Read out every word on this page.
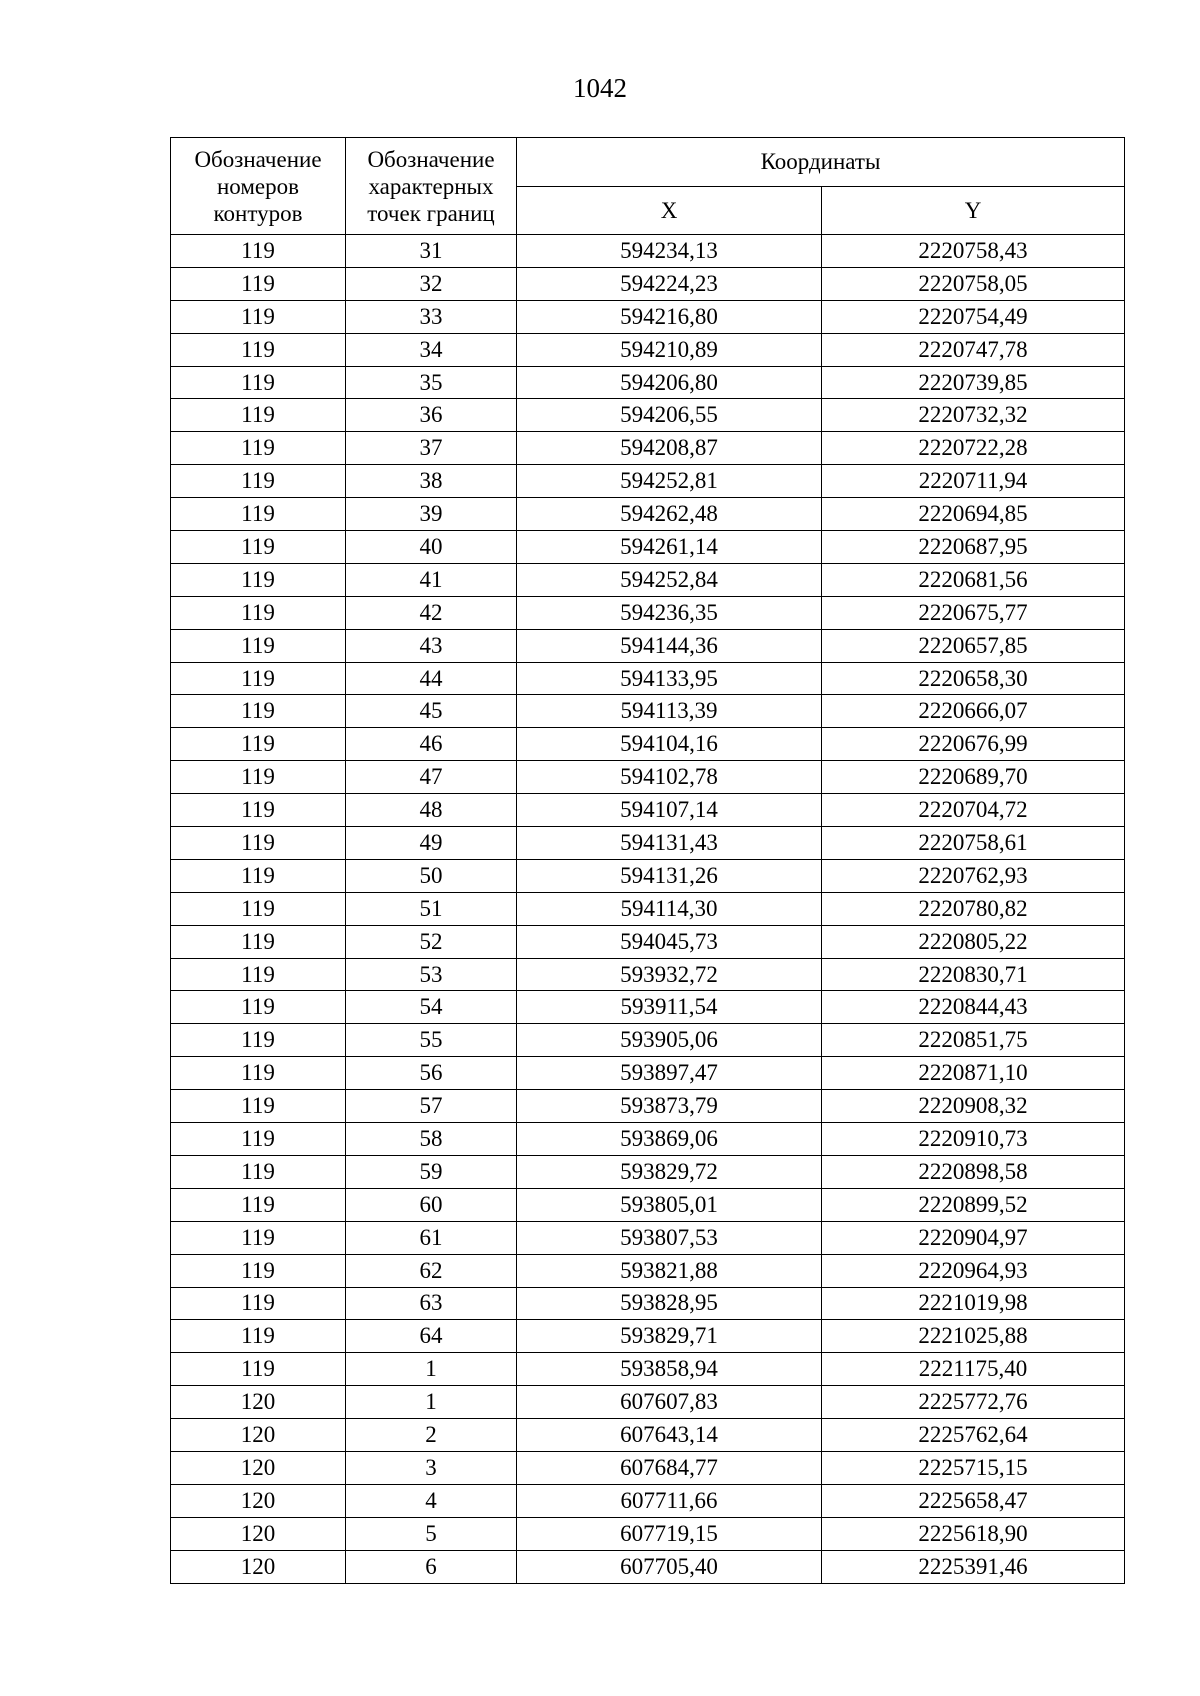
1042
Обозначение номеров контуров	Обозначение характерных точек границ	Координаты	
		X	Y
119	31	594234,13	2220758,43
119	32	594224,23	2220758,05
119	33	594216,80	2220754,49
119	34	594210,89	2220747,78
119	35	594206,80	2220739,85
119	36	594206,55	2220732,32
119	37	594208,87	2220722,28
119	38	594252,81	2220711,94
119	39	594262,48	2220694,85
119	40	594261,14	2220687,95
119	41	594252,84	2220681,56
119	42	594236,35	2220675,77
119	43	594144,36	2220657,85
119	44	594133,95	2220658,30
119	45	594113,39	2220666,07
119	46	594104,16	2220676,99
119	47	594102,78	2220689,70
119	48	594107,14	2220704,72
119	49	594131,43	2220758,61
119	50	594131,26	2220762,93
119	51	594114,30	2220780,82
119	52	594045,73	2220805,22
119	53	593932,72	2220830,71
119	54	593911,54	2220844,43
119	55	593905,06	2220851,75
119	56	593897,47	2220871,10
119	57	593873,79	2220908,32
119	58	593869,06	2220910,73
119	59	593829,72	2220898,58
119	60	593805,01	2220899,52
119	61	593807,53	2220904,97
119	62	593821,88	2220964,93
119	63	593828,95	2221019,98
119	64	593829,71	2221025,88
119	1	593858,94	2221175,40
120	1	607607,83	2225772,76
120	2	607643,14	2225762,64
120	3	607684,77	2225715,15
120	4	607711,66	2225658,47
120	5	607719,15	2225618,90
120	6	607705,40	2225391,46
